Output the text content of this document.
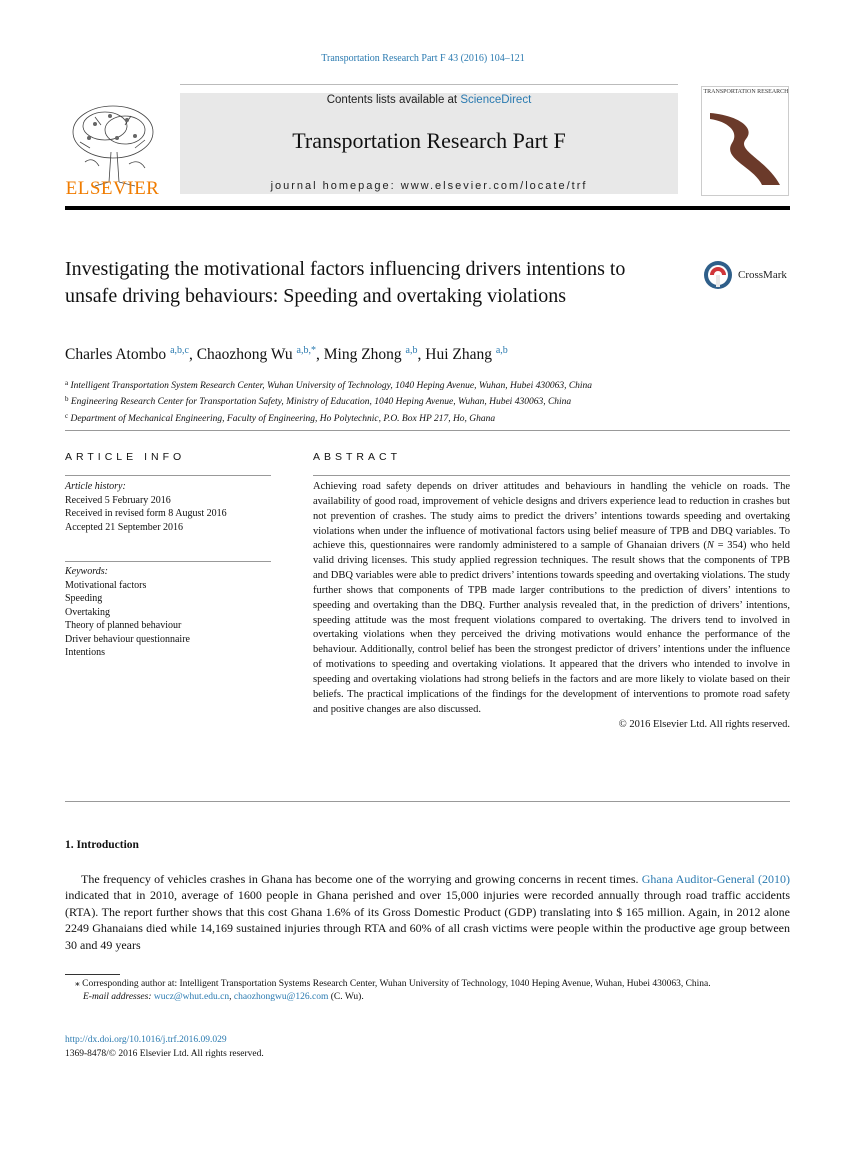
Transportation Research Part F 43 (2016) 104–121
ELSEVIER
Contents lists available at ScienceDirect
Transportation Research Part F
journal homepage: www.elsevier.com/locate/trf
TRANSPORTATION RESEARCH
Investigating the motivational factors influencing drivers intentions to unsafe driving behaviours: Speeding and overtaking violations
CrossMark
Charles Atombo $^{a,b,c}$, Chaozhong Wu $^{a,b,*}$, Ming Zhong $^{a,b}$, Hui Zhang $^{a,b}$
$^a$ Intelligent Transportation System Research Center, Wuhan University of Technology, 1040 Heping Avenue, Wuhan, Hubei 430063, China
$^b$ Engineering Research Center for Transportation Safety, Ministry of Education, 1040 Heping Avenue, Wuhan, Hubei 430063, China
$^c$ Department of Mechanical Engineering, Faculty of Engineering, Ho Polytechnic, P.O. Box HP 217, Ho, Ghana
ARTICLE INFO	ABSTRACT
Article history:
Received 5 February 2016
Received in revised form 8 August 2016
Accepted 21 September 2016
Keywords:
Motivational factors
Speeding
Overtaking
Theory of planned behaviour
Driver behaviour questionnaire
Intentions

Achieving road safety depends on driver attitudes and behaviours in handling the vehicle on roads. The availability of good road, improvement of vehicle designs and drivers experience lead to reduction in crashes but not prevention of crashes. The study aims to predict the drivers’ intentions towards speeding and overtaking violations when under the influence of motivational factors using belief measure of TPB and DBQ variables. To achieve this, questionnaires were randomly administered to a sample of Ghanaian drivers (N = 354) who held valid driving licenses. This study applied regression techniques. The result shows that the components of TPB and DBQ variables were able to predict drivers’ intentions towards speeding and overtaking violations. The study further shows that components of TPB made larger contributions to the prediction of divers’ intentions to speeding and overtaking than the DBQ. Further analysis revealed that, in the prediction of drivers’ intentions, speeding attitude was the most frequent violations compared to overtaking. The drivers tend to involved in overtaking violations when they perceived the driving motivations would enhance the performance of the behaviour. Additionally, control belief has been the strongest predictor of drivers’ intentions under the influence of motivations to speeding and overtaking violations. It appeared that the drivers who intended to involve in speeding and overtaking violations had strong beliefs in the factors and are more likely to violate based on their beliefs. The practical implications of the findings for the development of interventions to promote road safety and positive changes are also discussed.

© 2016 Elsevier Ltd. All rights reserved.

1. Introduction
The frequency of vehicles crashes in Ghana has become one of the worrying and growing concerns in recent times. Ghana Auditor-General (2010) indicated that in 2010, average of 1600 people in Ghana perished and over 15,000 injuries were recorded annually through road traffic accidents (RTA). The report further shows that this cost Ghana 1.6% of its Gross Domestic Product (GDP) translating into $ 165 million. Again, in 2012 alone 2249 Ghanaians died while 14,169 sustained injuries through RTA and 60% of all crash victims were people within the productive age group between 30 and 49 years
⁎ Corresponding author at: Intelligent Transportation Systems Research Center, Wuhan University of Technology, 1040 Heping Avenue, Wuhan, Hubei 430063, China.
E-mail addresses: wucz@whut.edu.cn, chaozhongwu@126.com (C. Wu).
http://dx.doi.org/10.1016/j.trf.2016.09.029
1369-8478/© 2016 Elsevier Ltd. All rights reserved.
